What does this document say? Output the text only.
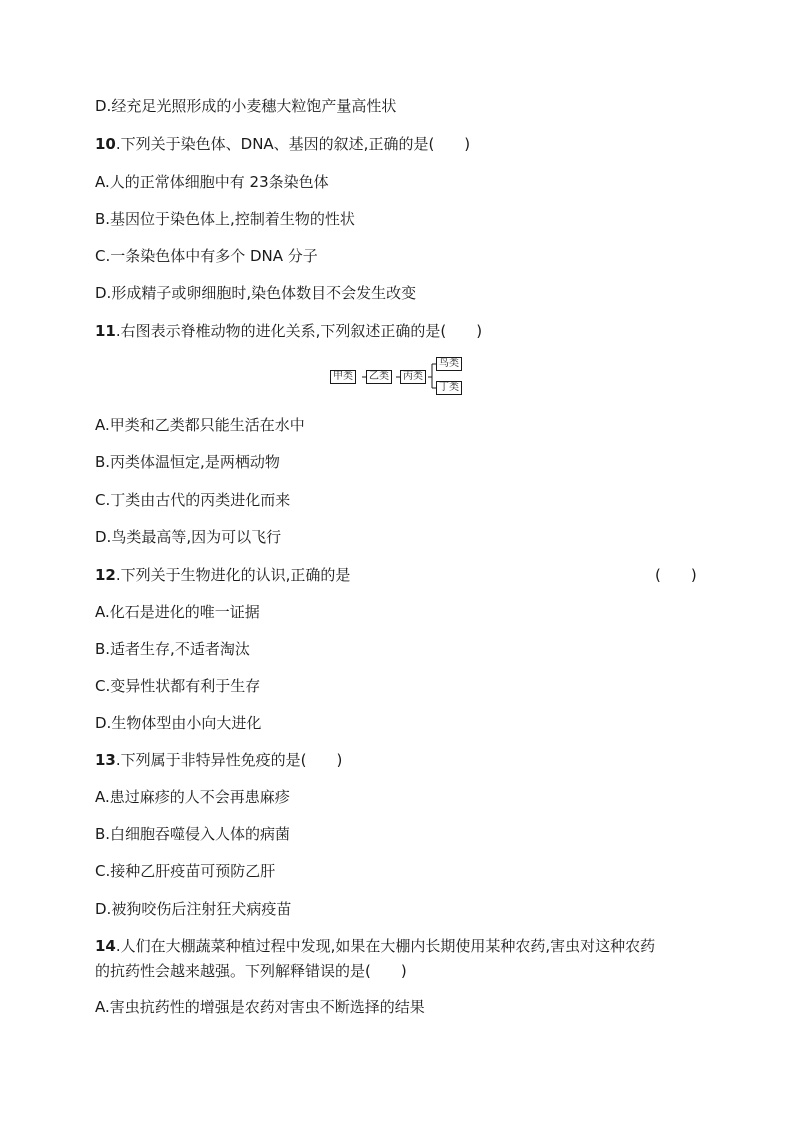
D.经充足光照形成的小麦穗大粒饱产量高性状
10.下列关于染色体、DNA、基因的叙述,正确的是(　　)
A.人的正常体细胞中有 23条染色体
B.基因位于染色体上,控制着生物的性状
C.一条染色体中有多个 DNA 分子
D.形成精子或卵细胞时,染色体数目不会发生改变
11.右图表示脊椎动物的进化关系,下列叙述正确的是(　　)
甲类	乙类	丙类
鸟类
丁类
A.甲类和乙类都只能生活在水中
B.丙类体温恒定,是两栖动物
C.丁类由古代的丙类进化而来
D.鸟类最高等,因为可以飞行
12.下列关于生物进化的认识,正确的是	(　　)
A.化石是进化的唯一证据
B.适者生存,不适者淘汰
C.变异性状都有利于生存
D.生物体型由小向大进化
13.下列属于非特异性免疫的是(　　)
A.患过麻疹的人不会再患麻疹
B.白细胞吞噬侵入人体的病菌
C.接种乙肝疫苗可预防乙肝
D.被狗咬伤后注射狂犬病疫苗
14.人们在大棚蔬菜种植过程中发现,如果在大棚内长期使用某种农药,害虫对这种农药
的抗药性会越来越强。下列解释错误的是(　　)
A.害虫抗药性的增强是农药对害虫不断选择的结果
